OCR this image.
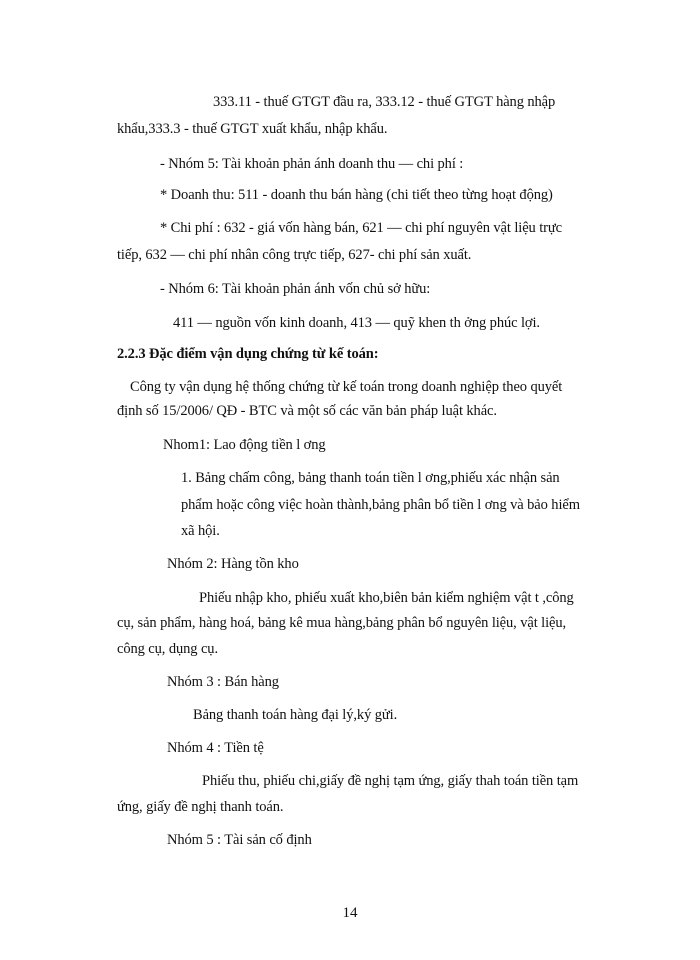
333.11 - thuế GTGT đầu ra, 333.12 - thuế GTGT hàng nhập
khẩu,333.3 - thuế GTGT xuất khẩu, nhập khẩu.
- Nhóm 5: Tài khoản phản ánh doanh thu — chi phí :
* Doanh thu: 511 - doanh thu bán hàng (chi tiết theo từng hoạt động)
* Chi phí : 632 - giá vốn hàng bán, 621 — chi phí nguyên vật liệu trực
tiếp, 632 — chi phí nhân công trực tiếp, 627- chi phí sản xuất.
- Nhóm 6: Tài khoản phản ánh vốn chủ sở hữu:
411 — nguồn vốn kinh doanh, 413 — quỹ khen th ởng phúc lợi.
2.2.3 Đặc điểm vận dụng chứng từ kế toán:
Công ty vận dụng hệ thống chứng từ kế toán trong doanh nghiệp theo quyết
định số 15/2006/ QĐ - BTC và một số các văn bản pháp luật khác.
Nhom1: Lao động tiền l ơng
1. Bảng chấm công, bảng thanh toán tiền l ơng,phiếu xác nhận sản
phẩm hoặc công việc hoàn thành,bảng phân bổ tiền l ơng và bảo hiểm
xã hội.
Nhóm 2: Hàng tồn kho
Phiếu nhập kho, phiếu xuất kho,biên bản kiểm nghiệm vật t ,công
cụ, sản phẩm, hàng hoá, bảng kê mua hàng,bảng phân bổ nguyên liệu, vật liệu,
công cụ, dụng cụ.
Nhóm 3 : Bán hàng
Bảng thanh toán hàng đại lý,ký gửi.
Nhóm 4 : Tiền tệ
Phiếu thu, phiếu chi,giấy đề nghị tạm ứng, giấy thah toán tiền tạm
ứng, giấy đề nghị thanh toán.
Nhóm 5 : Tài sản cố định
14
